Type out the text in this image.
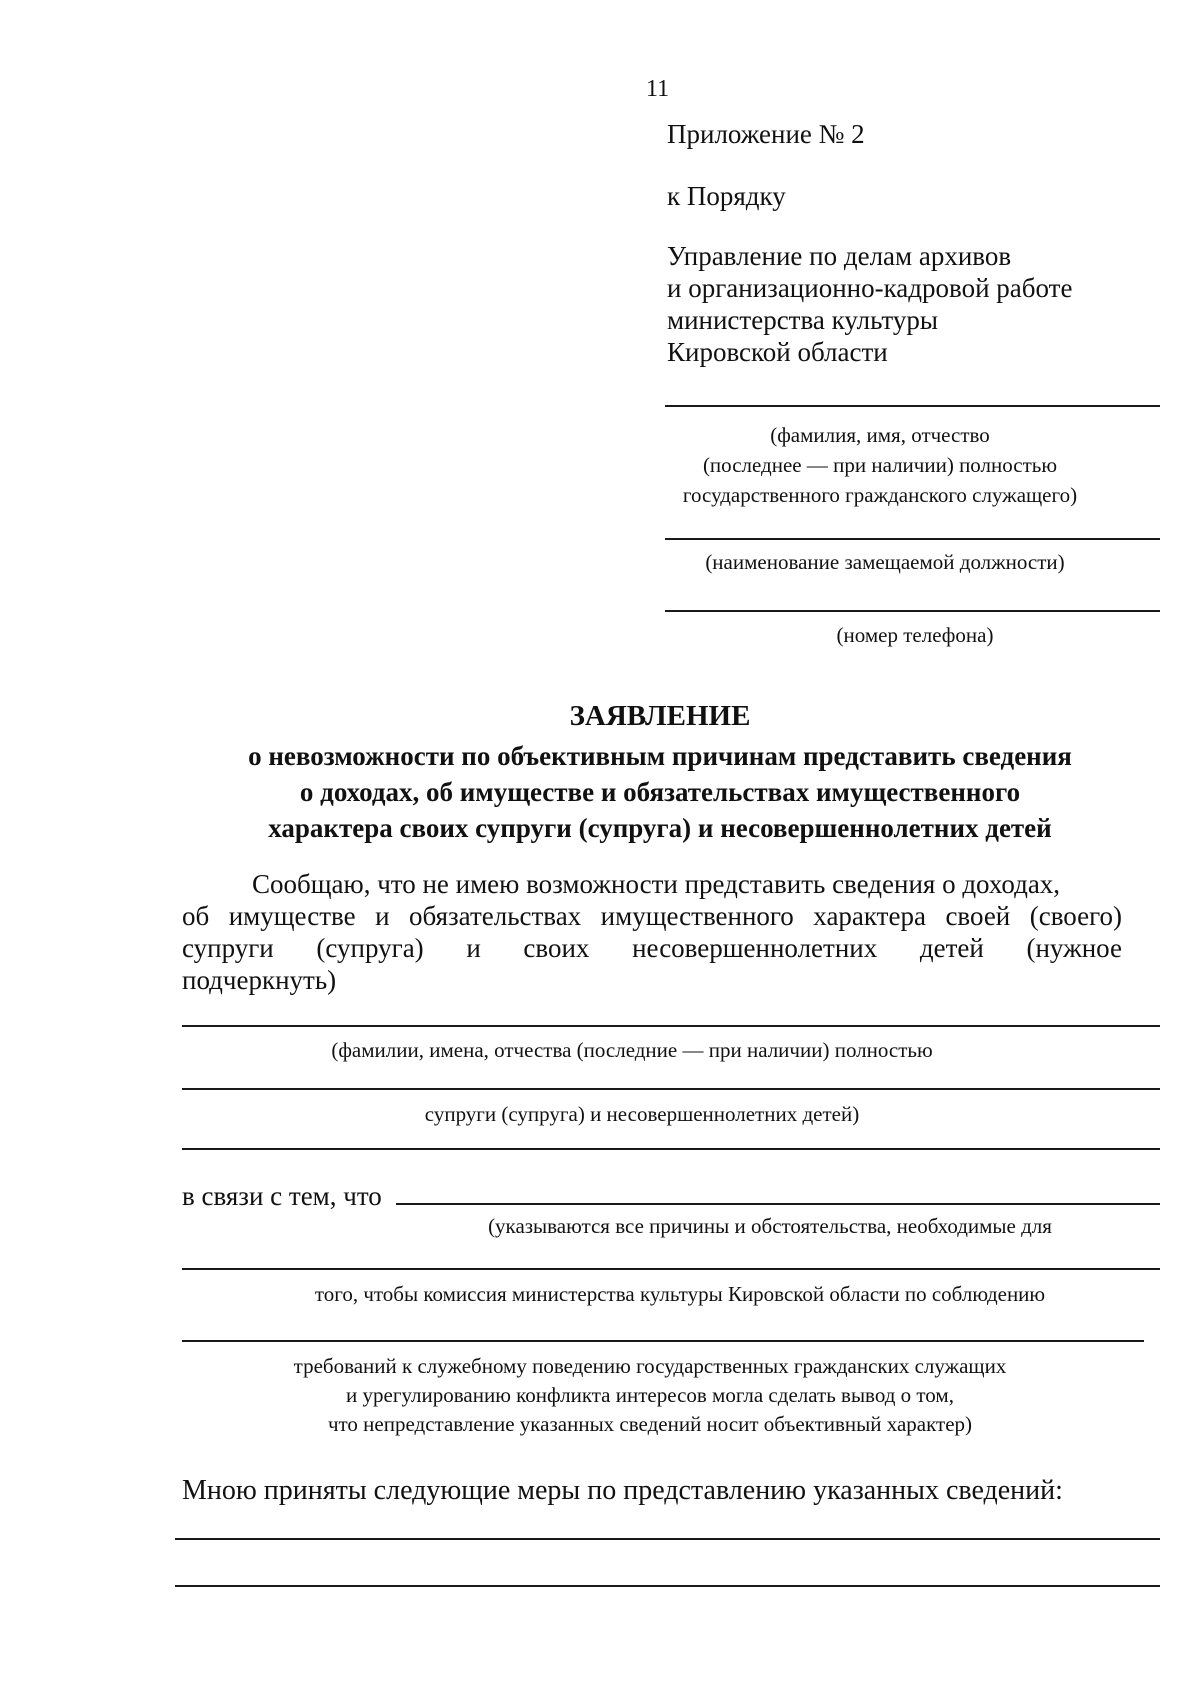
11
Приложение № 2
к Порядку
Управление по делам архивов
и организационно-кадровой работе
министерства культуры
Кировской области
(фамилия, имя, отчество
(последнее — при наличии) полностью
государственного гражданского служащего)
(наименование замещаемой должности)
(номер телефона)
ЗАЯВЛЕНИЕ
о невозможности по объективным причинам представить сведения
о доходах, об имуществе и обязательствах имущественного
характера своих супруги (супруга) и несовершеннолетних детей
Сообщаю, что не имею возможности представить сведения о доходах,
об имуществе и обязательствах имущественного характера своей (своего)
супруги (супруга) и своих несовершеннолетних детей (нужное
подчеркнуть)
(фамилии, имена, отчества (последние — при наличии) полностью
супруги (супруга) и несовершеннолетних детей)
в связи с тем, что
(указываются все причины и обстоятельства, необходимые для
того, чтобы комиссия министерства культуры Кировской области по соблюдению
требований к служебному поведению государственных гражданских служащих
и урегулированию конфликта интересов могла сделать вывод о том,
что непредставление указанных сведений носит объективный характер)
Мною приняты следующие меры по представлению указанных сведений:
